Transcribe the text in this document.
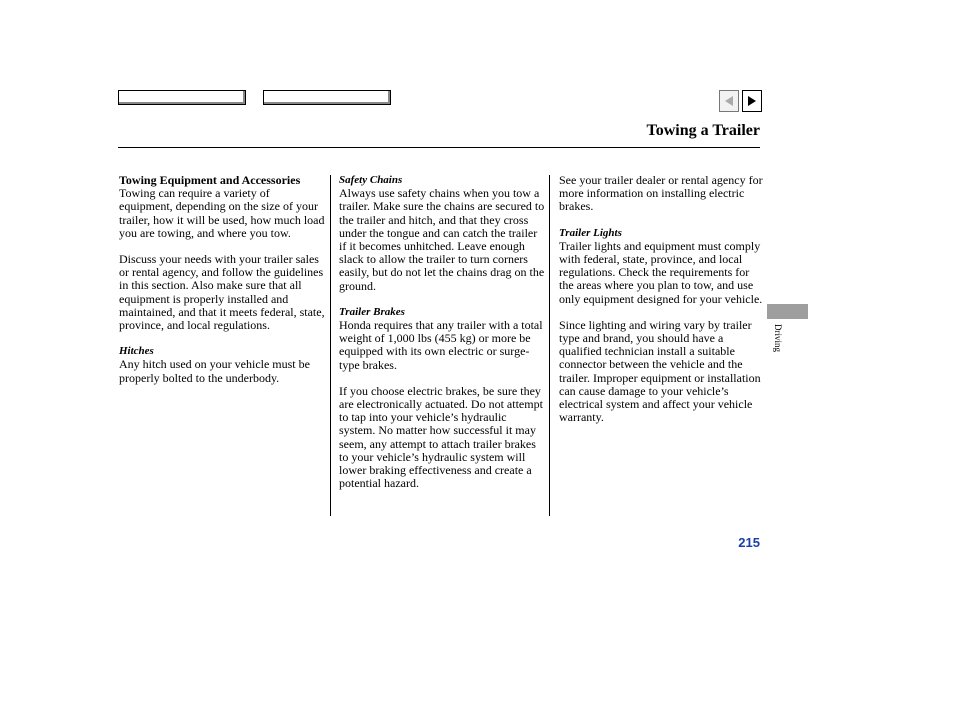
Towing a Trailer

Towing Equipment and Accessories

Towing can require a variety of equipment, depending on the size of your trailer, how it will be used, how much load you are towing, and where you tow.

Discuss your needs with your trailer sales or rental agency, and follow the guidelines in this section. Also make sure that all equipment is properly installed and maintained, and that it meets federal, state, province, and local regulations.

Hitches

Any hitch used on your vehicle must be properly bolted to the underbody.

Safety Chains

Always use safety chains when you tow a trailer. Make sure the chains are secured to the trailer and hitch, and that they cross under the tongue and can catch the trailer if it becomes unhitched. Leave enough slack to allow the trailer to turn corners easily, but do not let the chains drag on the ground.

Trailer Brakes

Honda requires that any trailer with a total weight of 1,000 lbs (455 kg) or more be equipped with its own electric or surge-type brakes.

If you choose electric brakes, be sure they are electronically actuated. Do not attempt to tap into your vehicle’s hydraulic system. No matter how successful it may seem, any attempt to attach trailer brakes to your vehicle’s hydraulic system will lower braking effectiveness and create a potential hazard.

See your trailer dealer or rental agency for more information on installing electric brakes.

Trailer Lights

Trailer lights and equipment must comply with federal, state, province, and local regulations. Check the requirements for the areas where you plan to tow, and use only equipment designed for your vehicle.

Since lighting and wiring vary by trailer type and brand, you should have a qualified technician install a suitable connector between the vehicle and the trailer. Improper equipment or installation can cause damage to your vehicle’s electrical system and affect your vehicle warranty.

Driving
215
